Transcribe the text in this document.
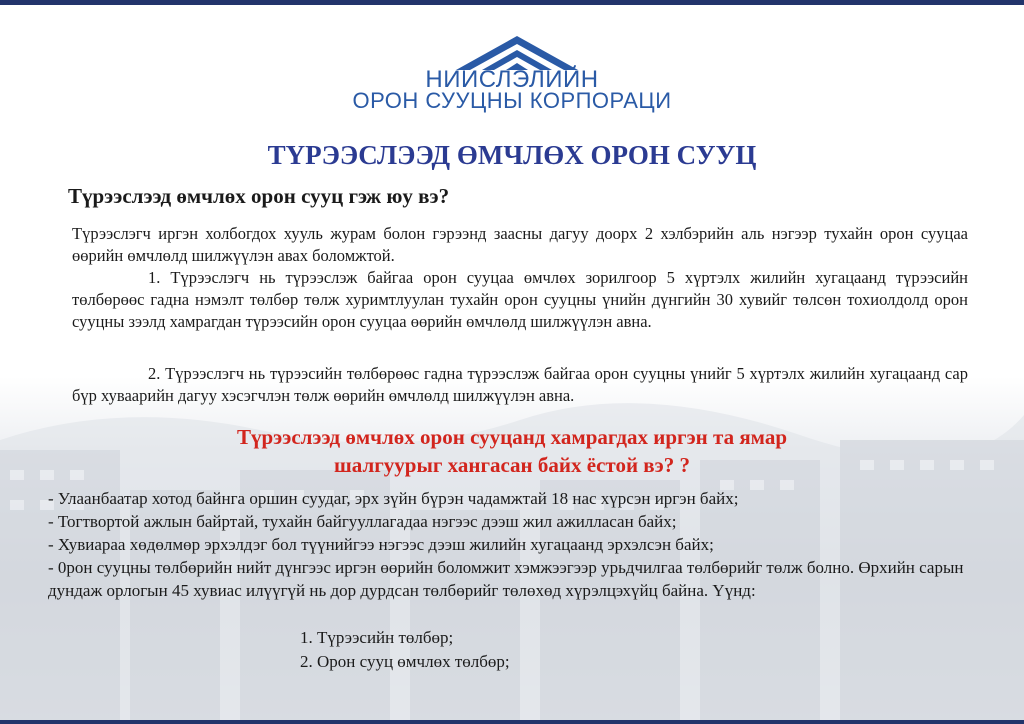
НИЙСЛЭЛИЙН
ОРОН СУУЦНЫ КОРПОРАЦИ
ТҮРЭЭСЛЭЭД ӨМЧЛӨХ ОРОН СУУЦ
Түрээслээд өмчлөх орон сууц гэж юу вэ?

Түрээслэгч иргэн холбогдох хууль журам болон гэрээнд заасны дагуу доорх 2 хэлбэрийн аль нэгээр тухайн орон сууцаа өөрийн өмчлөлд шилжүүлэн авах боломжтой.

1. Түрээслэгч нь түрээслэж байгаа орон сууцаа өмчлөх зорилгоор 5 хүртэлх жилийн хугацаанд түрээсийн төлбөрөөс гадна нэмэлт төлбөр төлж хуримтлуулан тухайн орон сууцны үнийн дүнгийн 30 хувийг төлсөн тохиолдолд орон сууцны зээлд хамрагдан түрээсийн орон сууцаа өөрийн өмчлөлд шилжүүлэн авна.

2. Түрээслэгч нь түрээсийн төлбөрөөс гадна түрээслэж байгаа орон сууцны үнийг 5 хүртэлх жилийн хугацаанд сар бүр хуваарийн дагуу хэсэгчлэн төлж өөрийн өмчлөлд шилжүүлэн авна.

Түрээслээд өмчлөх орон сууцанд хамрагдах иргэн та ямар
шалгуурыг хангасан байх ёстой вэ? ?

- Улаанбаатар хотод байнга оршин суудаг, эрх зүйн бүрэн чадамжтай 18 нас хүрсэн иргэн байх;

- Тогтвортой ажлын байртай, тухайн байгууллагадаа нэгээс дээш жил ажилласан байх;

- Хувиараа хөдөлмөр эрхэлдэг бол түүнийгээ нэгээс дээш жилийн хугацаанд эрхэлсэн байх;

- 0рон сууцны төлбөрийн нийт дүнгээс иргэн өөрийн боломжит хэмжээгээр урьдчилгаа төлбөрийг төлж болно. Өрхийн сарын дундаж орлогын 45 хувиас илүүгүй нь дор дурдсан төлбөрийг төлөхөд хүрэлцэхүйц байна. Үүнд:

1. Түрээсийн төлбөр;
2. Орон сууц өмчлөх төлбөр;
